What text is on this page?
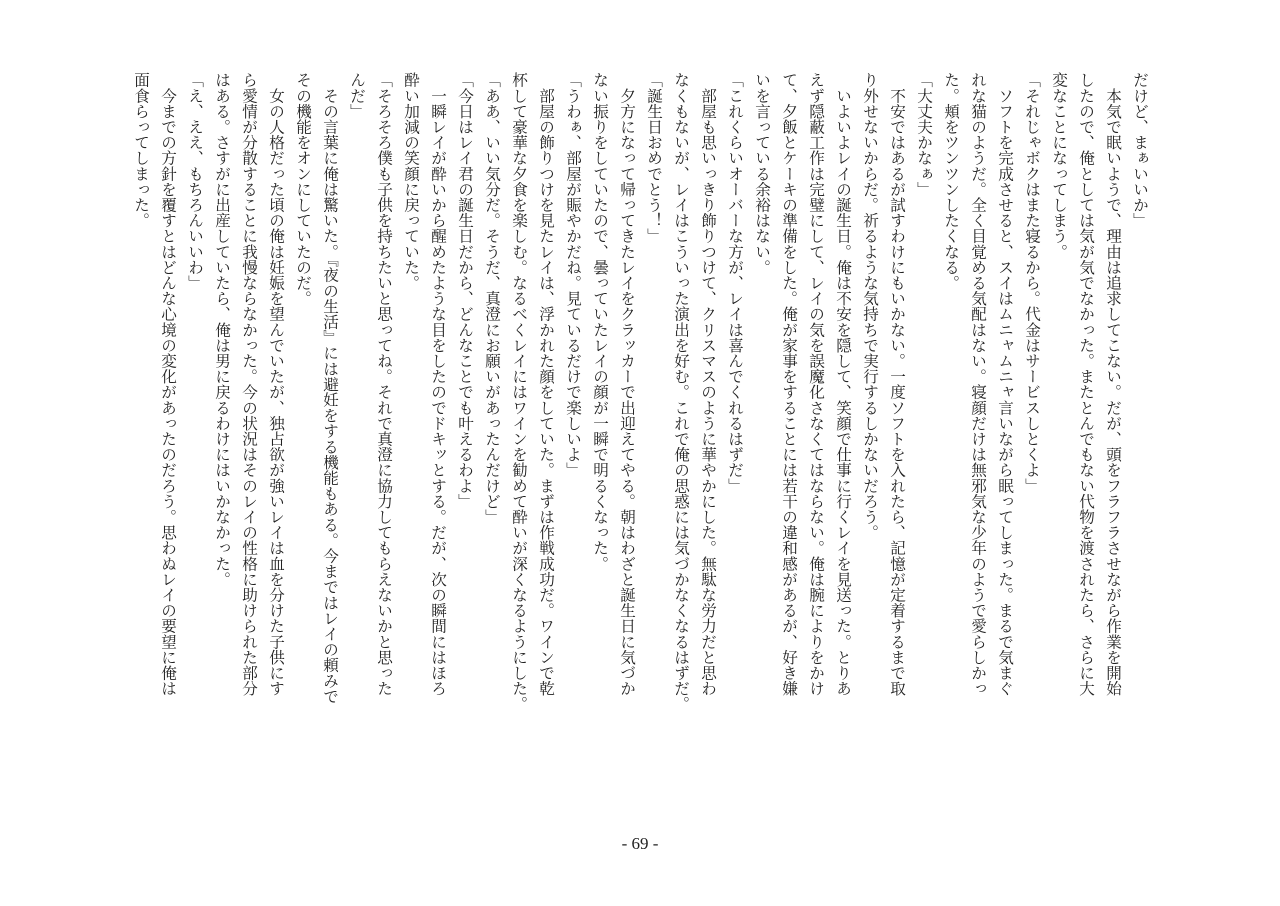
だけど、まぁいいか」
　本気で眠いようで、理由は追求してこない。だが、頭をフラフラさせながら作業を開始
したので、俺としては気が気でなかった。またとんでもない代物を渡されたら、さらに大
変なことになってしまう。
「それじゃボクはまた寝るから。代金はサービスしとくよ」
　ソフトを完成させると、スイはムニャムニャ言いながら眠ってしまった。まるで気まぐ
れな猫のようだ。全く目覚める気配はない。寝顔だけは無邪気な少年のようで愛らしかっ
た。頬をツンツンしたくなる。
「大丈夫かなぁ」
　不安ではあるが試すわけにもいかない。一度ソフトを入れたら、記憶が定着するまで取
り外せないからだ。祈るような気持ちで実行するしかないだろう。
　いよいよレイの誕生日。俺は不安を隠して、笑顔で仕事に行くレイを見送った。とりあ
えず隠蔽工作は完璧にして、レイの気を誤魔化さなくてはならない。俺は腕によりをかけ
て、夕飯とケーキの準備をした。俺が家事をすることには若干の違和感があるが、好き嫌
いを言っている余裕はない。
「これくらいオーバーな方が、レイは喜んでくれるはずだ」
　部屋も思いっきり飾りつけて、クリスマスのように華やかにした。無駄な労力だと思わ
なくもないが、レイはこういった演出を好む。これで俺の思惑には気づかなくなるはずだ。
「誕生日おめでとう！」
　夕方になって帰ってきたレイをクラッカーで出迎えてやる。朝はわざと誕生日に気づか
ない振りをしていたので、曇っていたレイの顔が一瞬で明るくなった。
「うわぁ、部屋が賑やかだね。見ているだけで楽しいよ」
　部屋の飾りつけを見たレイは、浮かれた顔をしていた。まずは作戦成功だ。ワインで乾
杯して豪華な夕食を楽しむ。なるべくレイにはワインを勧めて酔いが深くなるようにした。
「ああ、いい気分だ。そうだ、真澄にお願いがあったんだけど」
「今日はレイ君の誕生日だから、どんなことでも叶えるわよ」
　一瞬レイが酔いから醒めたような目をしたのでドキッとする。だが、次の瞬間にはほろ
酔い加減の笑顔に戻っていた。
「そろそろ僕も子供を持ちたいと思ってね。それで真澄に協力してもらえないかと思った
んだ」
　その言葉に俺は驚いた。『夜の生活』には避妊をする機能もある。今まではレイの頼みで
その機能をオンにしていたのだ。
　女の人格だった頃の俺は妊娠を望んでいたが、独占欲が強いレイは血を分けた子供にす
ら愛情が分散することに我慢ならなかった。今の状況はそのレイの性格に助けられた部分
はある。さすがに出産していたら、俺は男に戻るわけにはいかなかった。
「え、ええ、もちろんいいわ」
　今までの方針を覆すとはどんな心境の変化があったのだろう。思わぬレイの要望に俺は
面食らってしまった。
- 69 -
